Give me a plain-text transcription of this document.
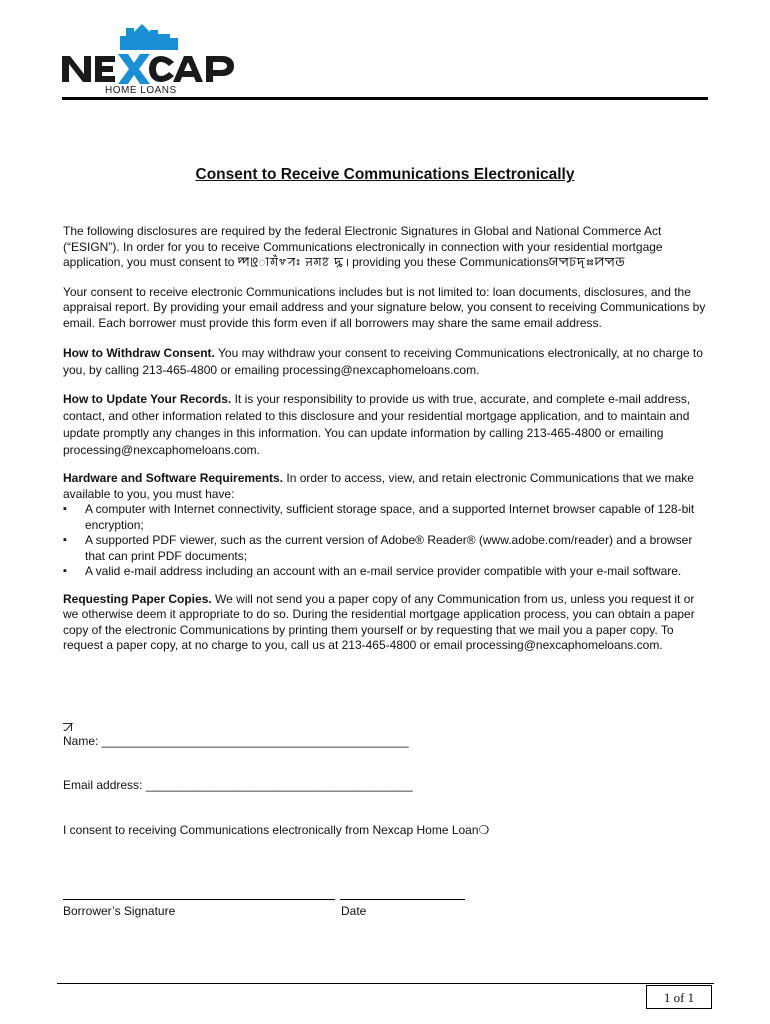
HOME LOANS
Consent to Receive Communications Electronically

The following disclosures are required by the federal Electronic Signatures in Global and National Commerce Act (“ESIGN”). In order for you to receive Communications electronically in connection with your residential mortgage application, you must consent to ꠈꡬꠣꠉꠂ꠪ꠞ꠩ ꠔꠉꠐ ꠍ꠰providing you these Communicationsꠎꠗꠑꠖ꠫ꠙꠗꠒ

Your consent to receive electronic Communications includes but is not limited to: loan documents, disclosures, and the appraisal report. By providing your email address and your signature below, you consent to receiving Communications by email. Each borrower must provide this form even if all borrowers may share the same email address.

How to Withdraw Consent. You may withdraw your consent to receiving Communications electronically, at no charge to you, by calling 213-465-4800 or emailing processing@nexcaphomeloans.com.

How to Update Your Records. It is your responsibility to provide us with true, accurate, and complete e-mail address, contact, and other information related to this disclosure and your residential mortgage application, and to maintain and update promptly any changes in this information. You can update information by calling 213-465-4800 or emailing processing@nexcaphomeloans.com.

Hardware and Software Requirements. In order to access, view, and retain electronic Communications that we make available to you, you must have:

▪ A computer with Internet connectivity, sufficient storage space, and a supported Internet browser capable of 128-bit encryption;
▪ A supported PDF viewer, such as the current version of Adobe® Reader® (www.adobe.com/reader) and a browser that can print PDF documents;
▪ A valid e-mail address including an account with an e-mail service provider compatible with your e-mail software.

Requesting Paper Copies. We will not send you a paper copy of any Communication from us, unless you request it or we otherwise deem it appropriate to do so. During the residential mortgage application process, you can obtain a paper copy of the electronic Communications by printing them yourself or by requesting that we mail you a paper copy. To request a paper copy, at no charge to you, call us at 213-465-4800 or email processing@nexcaphomeloans.com.

ꠀ
Name: ______________________________________________
Email address: ________________________________________
I consent to receiving Communications electronically from Nexcap Home Loan❍
Borrower’s Signature	Date
1 of 1
